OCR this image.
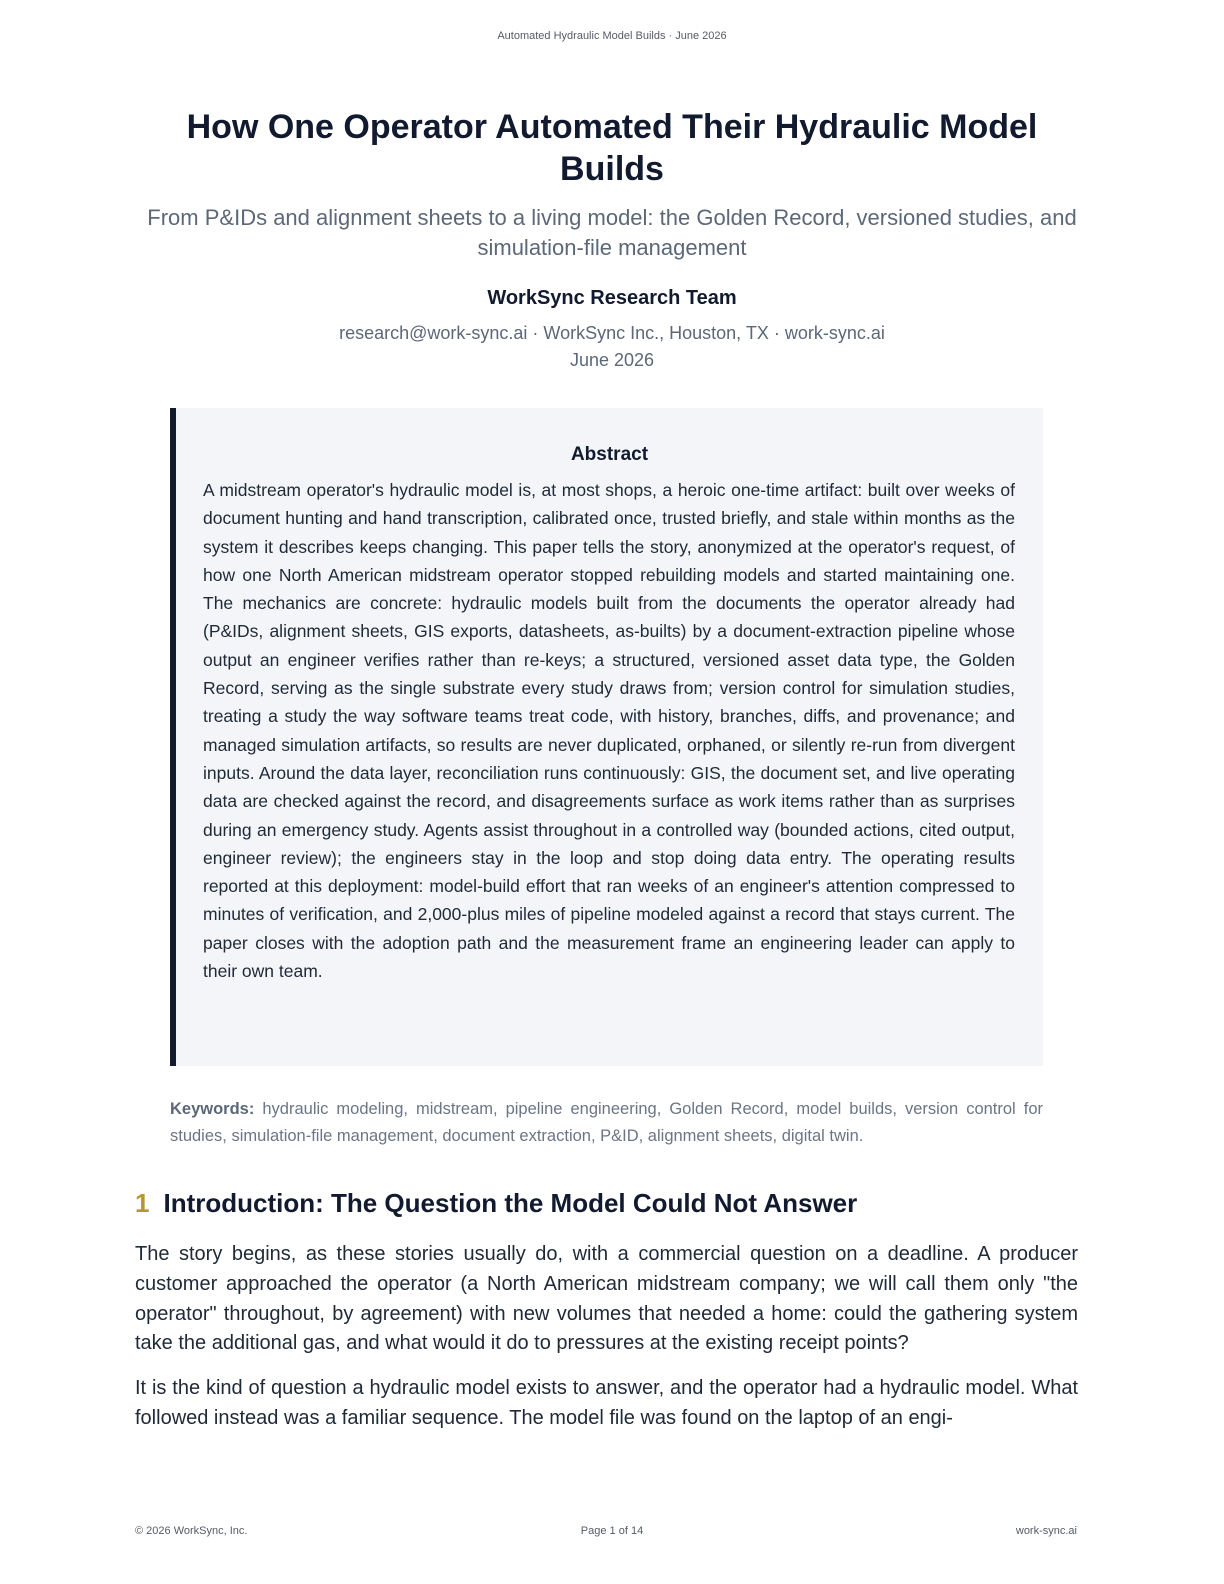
Automated Hydraulic Model Builds · June 2026
How One Operator Automated Their Hydraulic Model Builds

From P&IDs and alignment sheets to a living model: the Golden Record, versioned studies, and simulation-file management

WorkSync Research Team
research@work-sync.ai · WorkSync Inc., Houston, TX · work-sync.ai
June 2026
Abstract

A midstream operator's hydraulic model is, at most shops, a heroic one-time artifact: built over weeks of document hunting and hand transcription, calibrated once, trusted briefly, and stale within months as the system it describes keeps changing. This paper tells the story, anonymized at the operator's request, of how one North American midstream operator stopped rebuilding models and started maintaining one. The mechanics are concrete: hydraulic models built from the documents the operator already had (P&IDs, alignment sheets, GIS exports, datasheets, as-builts) by a document-extraction pipeline whose output an engineer verifies rather than re-keys; a structured, versioned asset data type, the Golden Record, serving as the single substrate every study draws from; version control for simulation studies, treating a study the way software teams treat code, with history, branches, diffs, and provenance; and managed simulation artifacts, so results are never duplicated, orphaned, or silently re-run from divergent inputs. Around the data layer, reconciliation runs continuously: GIS, the document set, and live operating data are checked against the record, and disagreements surface as work items rather than as surprises during an emergency study. Agents assist throughout in a controlled way (bounded actions, cited output, engineer review); the engineers stay in the loop and stop doing data entry. The operating results reported at this deployment: model-build effort that ran weeks of an engineer's attention compressed to minutes of verification, and 2,000-plus miles of pipeline modeled against a record that stays current. The paper closes with the adoption path and the measurement frame an engineering leader can apply to their own team.

Keywords: hydraulic modeling, midstream, pipeline engineering, Golden Record, model builds, version control for studies, simulation-file management, document extraction, P&ID, alignment sheets, digital twin.

1 Introduction: The Question the Model Could Not Answer

The story begins, as these stories usually do, with a commercial question on a deadline. A producer customer approached the operator (a North American midstream company; we will call them only "the operator" throughout, by agreement) with new volumes that needed a home: could the gathering system take the additional gas, and what would it do to pressures at the existing receipt points?

It is the kind of question a hydraulic model exists to answer, and the operator had a hydraulic model. What followed instead was a familiar sequence. The model file was found on the laptop of an engi-

© 2026 WorkSync, Inc.	Page 1 of 14	work-sync.ai
